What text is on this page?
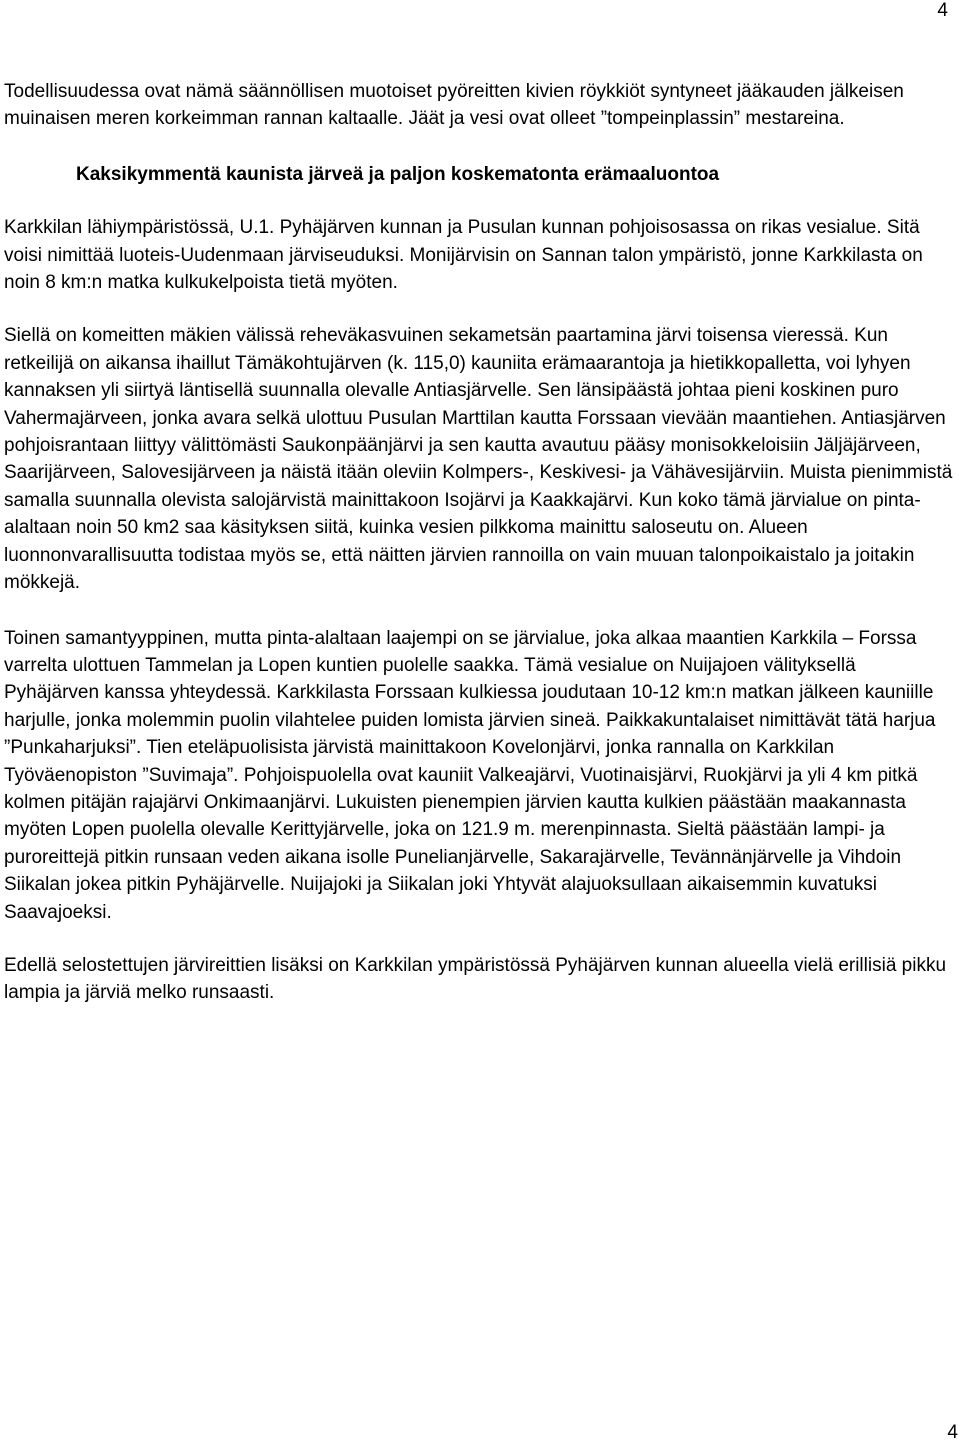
4

Todellisuudessa ovat nämä säännöllisen muotoiset pyöreitten kivien röykkiöt syntyneet jääkauden jälkeisen muinaisen meren korkeimman rannan kaltaalle. Jäät ja vesi ovat olleet ”tompeinplassin” mestareina.

Kaksikymmentä kaunista järveä ja paljon koskematonta erämaaluontoa

Karkkilan lähiympäristössä, U.1. Pyhäjärven kunnan ja Pusulan kunnan pohjoisosassa on rikas vesialue. Sitä voisi nimittää luoteis-Uudenmaan järviseuduksi. Monijärvisin on Sannan talon ympäristö, jonne Karkkilasta on noin 8 km:n matka kulkukelpoista tietä myöten.

Siellä on komeitten mäkien välissä reheväkasvuinen sekametsän paartamina järvi toisensa vieressä. Kun retkeilijä on aikansa ihaillut Tämäkohtujärven (k. 115,0) kauniita erämaarantoja ja hietikkopalletta, voi lyhyen kannaksen yli siirtyä läntisellä suunnalla olevalle Antiasjärvelle. Sen länsipäästä johtaa pieni koskinen puro Vahermajärveen, jonka avara selkä ulottuu Pusulan Marttilan kautta Forssaan vievään maantiehen. Antiasjärven pohjoisrantaan liittyy välittömästi Saukonpäänjärvi ja sen kautta avautuu pääsy monisokkeloisiin Jäljäjärveen, Saarijärveen, Salovesijärveen ja näistä itään oleviin Kolmpers-, Keskivesi- ja Vähävesijärviin. Muista pienimmistä samalla suunnalla olevista salojärvistä mainittakoon Isojärvi ja Kaakkajärvi. Kun koko tämä järvialue on pinta-alaltaan noin 50 km2 saa käsityksen siitä, kuinka vesien pilkkoma mainittu saloseutu on. Alueen luonnonvarallisuutta todistaa myös se, että näitten järvien rannoilla on vain muuan talonpoikaistalo ja joitakin mökkejä.

Toinen samantyyppinen, mutta pinta-alaltaan laajempi on se järvialue, joka alkaa maantien Karkkila – Forssa varrelta ulottuen Tammelan ja Lopen kuntien puolelle saakka. Tämä vesialue on Nuijajoen välityksellä Pyhäjärven kanssa yhteydessä. Karkkilasta Forssaan kulkiessa joudutaan 10-12 km:n matkan jälkeen kauniille harjulle, jonka molemmin puolin vilahtelee puiden lomista järvien sineä. Paikkakuntalaiset nimittävät tätä harjua ”Punkaharjuksi”. Tien eteläpuolisista järvistä mainittakoon Kovelonjärvi, jonka rannalla on Karkkilan Työväenopiston ”Suvimaja”. Pohjoispuolella ovat kauniit Valkeajärvi, Vuotinaisjärvi, Ruokjärvi ja yli 4 km pitkä kolmen pitäjän rajajärvi Onkimaanjärvi. Lukuisten pienempien järvien kautta kulkien päästään maakannasta myöten Lopen puolella olevalle Kerittyjärvelle, joka on 121.9 m. merenpinnasta. Sieltä päästään lampi- ja puroreittejä pitkin runsaan veden aikana isolle Punelianjärvelle, Sakarajärvelle, Tevännänjärvelle ja Vihdoin Siikalan jokea pitkin Pyhäjärvelle. Nuijajoki ja Siikalan joki Yhtyvät alajuoksullaan aikaisemmin kuvatuksi Saavajoeksi.

Edellä selostettujen järvireittien lisäksi on Karkkilan ympäristössä Pyhäjärven kunnan alueella vielä erillisiä pikku lampia ja järviä melko runsaasti.

4
